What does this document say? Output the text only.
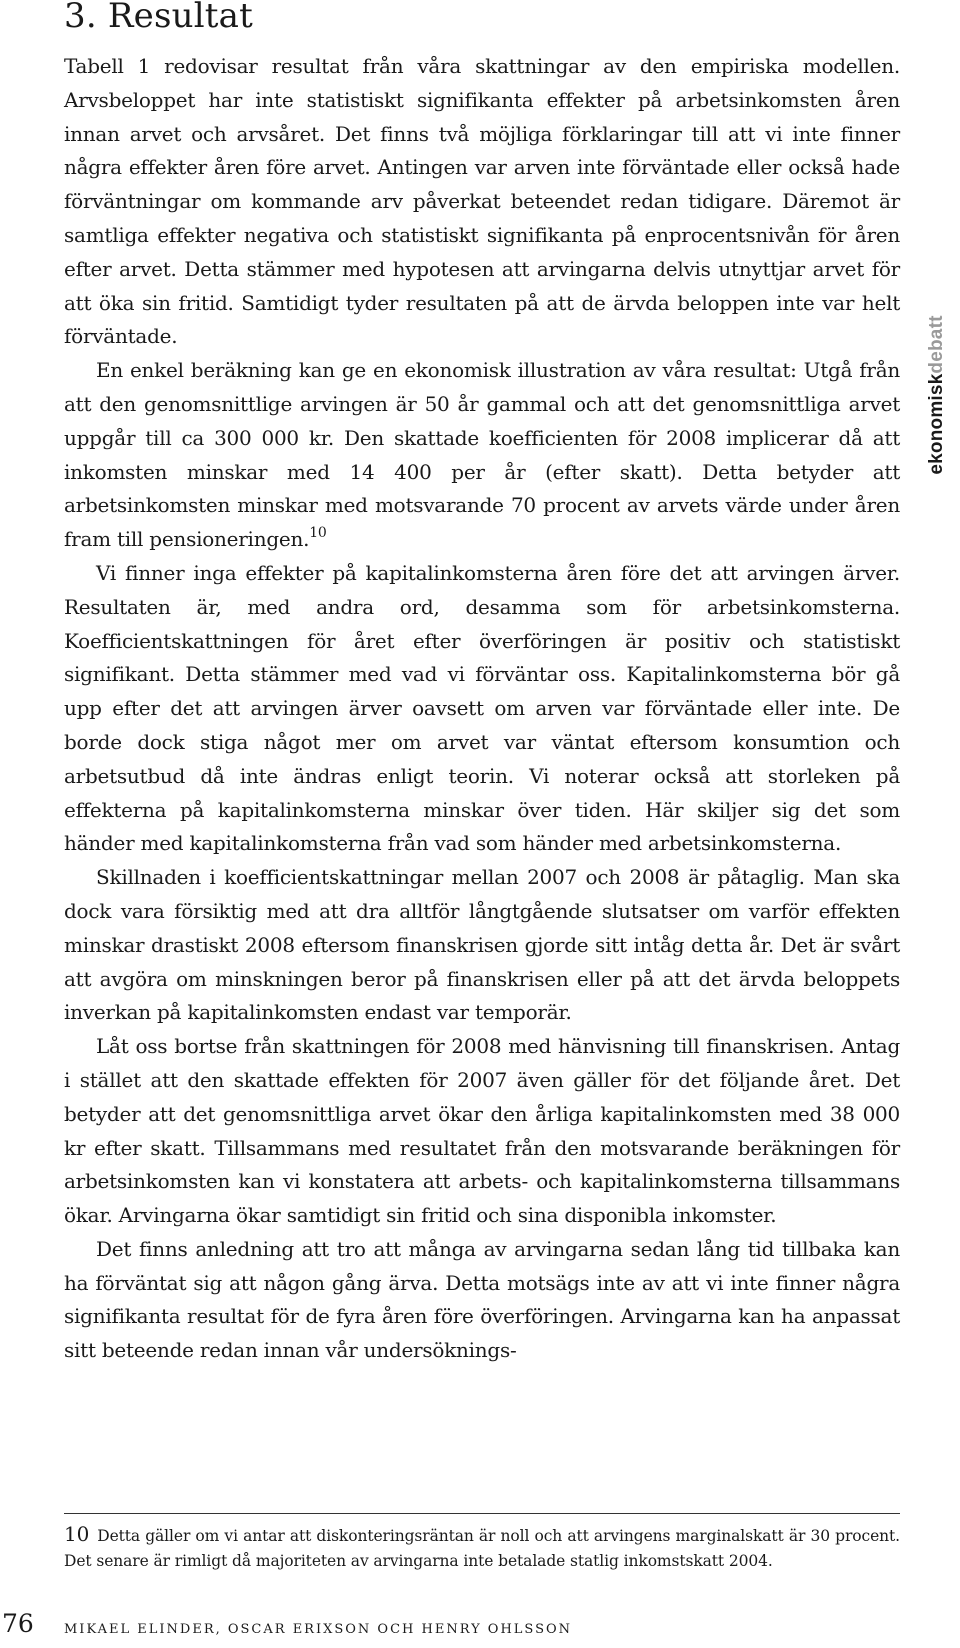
3. Resultat

Tabell 1 redovisar resultat från våra skattningar av den empiriska modellen. Arvsbeloppet har inte statistiskt signifikanta effekter på arbetsinkomsten åren innan arvet och arvsåret. Det finns två möjliga förklaringar till att vi inte finner några effekter åren före arvet. Antingen var arven inte förväntade eller också hade förväntningar om kommande arv påverkat beteendet redan tidigare. Däremot är samtliga effekter negativa och statistiskt signifikanta på enprocentsnivån för åren efter arvet. Detta stämmer med hypotesen att arvingarna delvis utnyttjar arvet för att öka sin fritid. Samtidigt tyder resultaten på att de ärvda beloppen inte var helt förväntade.

En enkel beräkning kan ge en ekonomisk illustration av våra resultat: Utgå från att den genomsnittlige arvingen är 50 år gammal och att det genomsnittliga arvet uppgår till ca 300 000 kr. Den skattade koefficienten för 2008 implicerar då att inkomsten minskar med 14 400 per år (efter skatt). Detta betyder att arbetsinkomsten minskar med motsvarande 70 procent av arvets värde under åren fram till pensioneringen.$^{10}$

Vi finner inga effekter på kapitalinkomsterna åren före det att arvingen ärver. Resultaten är, med andra ord, desamma som för arbetsinkomsterna. Koefficientskattningen för året efter överföringen är positiv och statistiskt signifikant. Detta stämmer med vad vi förväntar oss. Kapitalinkomsterna bör gå upp efter det att arvingen ärver oavsett om arven var förväntade eller inte. De borde dock stiga något mer om arvet var väntat eftersom konsumtion och arbetsutbud då inte ändras enligt teorin. Vi noterar också att storleken på effekterna på kapitalinkomsterna minskar över tiden. Här skiljer sig det som händer med kapitalinkomsterna från vad som händer med arbetsinkomsterna.

Skillnaden i koefficientskattningar mellan 2007 och 2008 är påtaglig. Man ska dock vara försiktig med att dra alltför långtgående slutsatser om varför effekten minskar drastiskt 2008 eftersom finanskrisen gjorde sitt intåg detta år. Det är svårt att avgöra om minskningen beror på finanskrisen eller på att det ärvda beloppets inverkan på kapitalinkomsten endast var temporär.

Låt oss bortse från skattningen för 2008 med hänvisning till finanskrisen. Antag i stället att den skattade effekten för 2007 även gäller för det följande året. Det betyder att det genomsnittliga arvet ökar den årliga kapitalinkomsten med 38 000 kr efter skatt. Tillsammans med resultatet från den motsvarande beräkningen för arbetsinkomsten kan vi konstatera att arbets- och kapitalinkomsterna tillsammans ökar. Arvingarna ökar samtidigt sin fritid och sina disponibla inkomster.

Det finns anledning att tro att många av arvingarna sedan lång tid tillbaka kan ha förväntat sig att någon gång ärva. Detta motsägs inte av att vi inte finner några signifikanta resultat för de fyra åren före överföringen. Arvingarna kan ha anpassat sitt beteende redan innan vår undersöknings-

10 Detta gäller om vi antar att diskonteringsräntan är noll och att arvingens marginalskatt är 30 procent. Det senare är rimligt då majoriteten av arvingarna inte betalade statlig inkomstskatt 2004.
76 MIKAEL ELINDER, OSCAR ERIXSON OCH HENRY OHLSSON
ekonomiskdebatt
